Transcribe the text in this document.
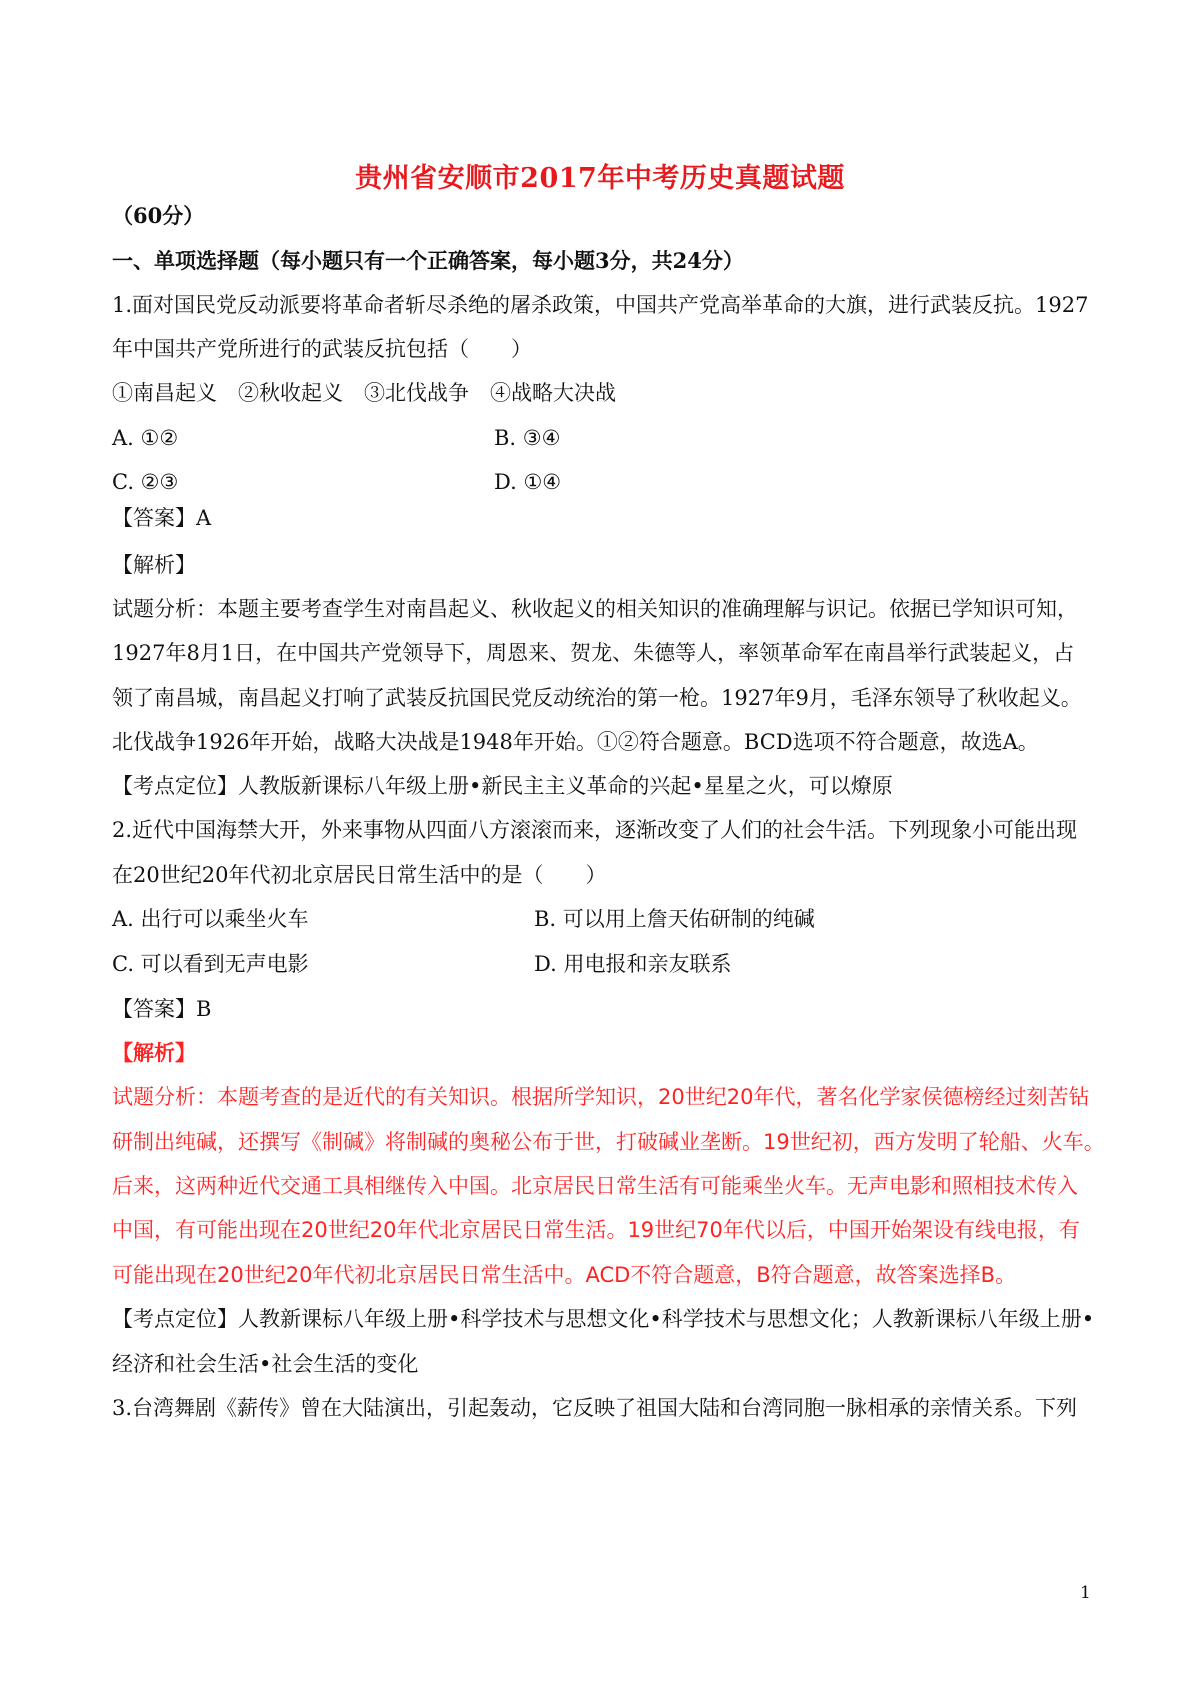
贵州省安顺市2017年中考历史真题试题
（60分）
一、单项选择题（每小题只有一个正确答案，每小题3分，共24分）
1.面对国民党反动派要将革命者斩尽杀绝的屠杀政策，中国共产党高举革命的大旗，进行武装反抗。1927
年中国共产党所进行的武装反抗包括（　　）
①南昌起义　②秋收起义　③北伐战争　④战略大决战
A. ①②	B. ③④
C. ②③	D. ①④
【答案】A
【解析】
试题分析：本题主要考查学生对南昌起义、秋收起义的相关知识的准确理解与识记。依据已学知识可知，
1927年8月1日，在中国共产党领导下，周恩来、贺龙、朱德等人，率领革命军在南昌举行武装起义，占
领了南昌城，南昌起义打响了武装反抗国民党反动统治的第一枪。1927年9月，毛泽东领导了秋收起义。
北伐战争1926年开始，战略大决战是1948年开始。①②符合题意。BCD选项不符合题意，故选A。
【考点定位】人教版新课标八年级上册•新民主主义革命的兴起•星星之火，可以燎原
2.近代中国海禁大开，外来事物从四面八方滚滚而来，逐渐改变了人们的社会牛活。下列现象小可能出现
在20世纪20年代初北京居民日常生活中的是（　　）
A. 出行可以乘坐火车	B. 可以用上詹天佑研制的纯碱
C. 可以看到无声电影	D. 用电报和亲友联系
【答案】B
【解析】
试题分析：本题考查的是近代的有关知识。根据所学知识，20世纪20年代，著名化学家侯德榜经过刻苦钻
研制出纯碱，还撰写《制碱》将制碱的奥秘公布于世，打破碱业垄断。19世纪初，西方发明了轮船、火车。
后来，这两种近代交通工具相继传入中国。北京居民日常生活有可能乘坐火车。无声电影和照相技术传入
中国，有可能出现在20世纪20年代北京居民日常生活。19世纪70年代以后，中国开始架设有线电报，有
可能出现在20世纪20年代初北京居民日常生活中。ACD不符合题意，B符合题意，故答案选择B。
【考点定位】人教新课标八年级上册•科学技术与思想文化•科学技术与思想文化；人教新课标八年级上册•
经济和社会生活•社会生活的变化
3.台湾舞剧《薪传》曾在大陆演出，引起轰动，它反映了祖国大陆和台湾同胞一脉相承的亲情关系。下列
1
